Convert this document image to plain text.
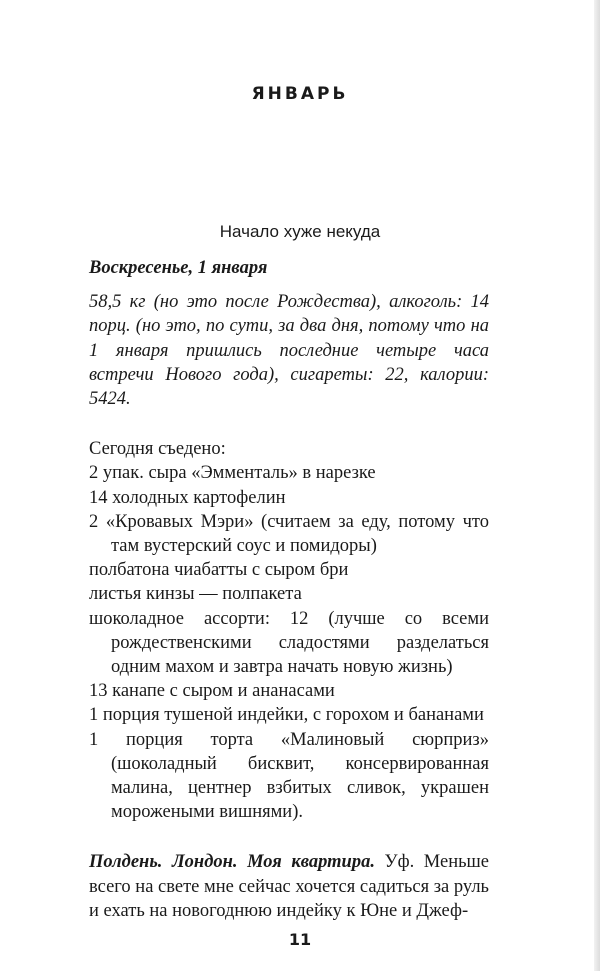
ЯНВАРЬ
Начало хуже некуда

Воскресенье, 1 января

58,5 кг (но это после Рождества), алкоголь: 14 порц. (но это, по сути, за два дня, потому что на 1 января пришлись последние четыре часа встречи Нового года), сигареты: 22, калории: 5424.

Сегодня съедено:

2 упак. сыра «Эмменталь» в нарезке

14 холодных картофелин

2 «Кровавых Мэри» (считаем за еду, потому что там вустерский соус и помидоры)

полбатона чиабатты с сыром бри

листья кинзы — полпакета

шоколадное ассорти: 12 (лучше со всеми рождественскими сладостями разделаться одним махом и завтра начать новую жизнь)

13 канапе с сыром и ананасами

1 порция тушеной индейки, с горохом и бананами

1 порция торта «Малиновый сюрприз» (шоколадный бисквит, консервированная малина, центнер взбитых сливок, украшен морожеными вишнями).

Полдень. Лондон. Моя квартира. Уф. Меньше всего на свете мне сейчас хочется садиться за руль и ехать на новогоднюю индейку к Юне и Джеф-

11
